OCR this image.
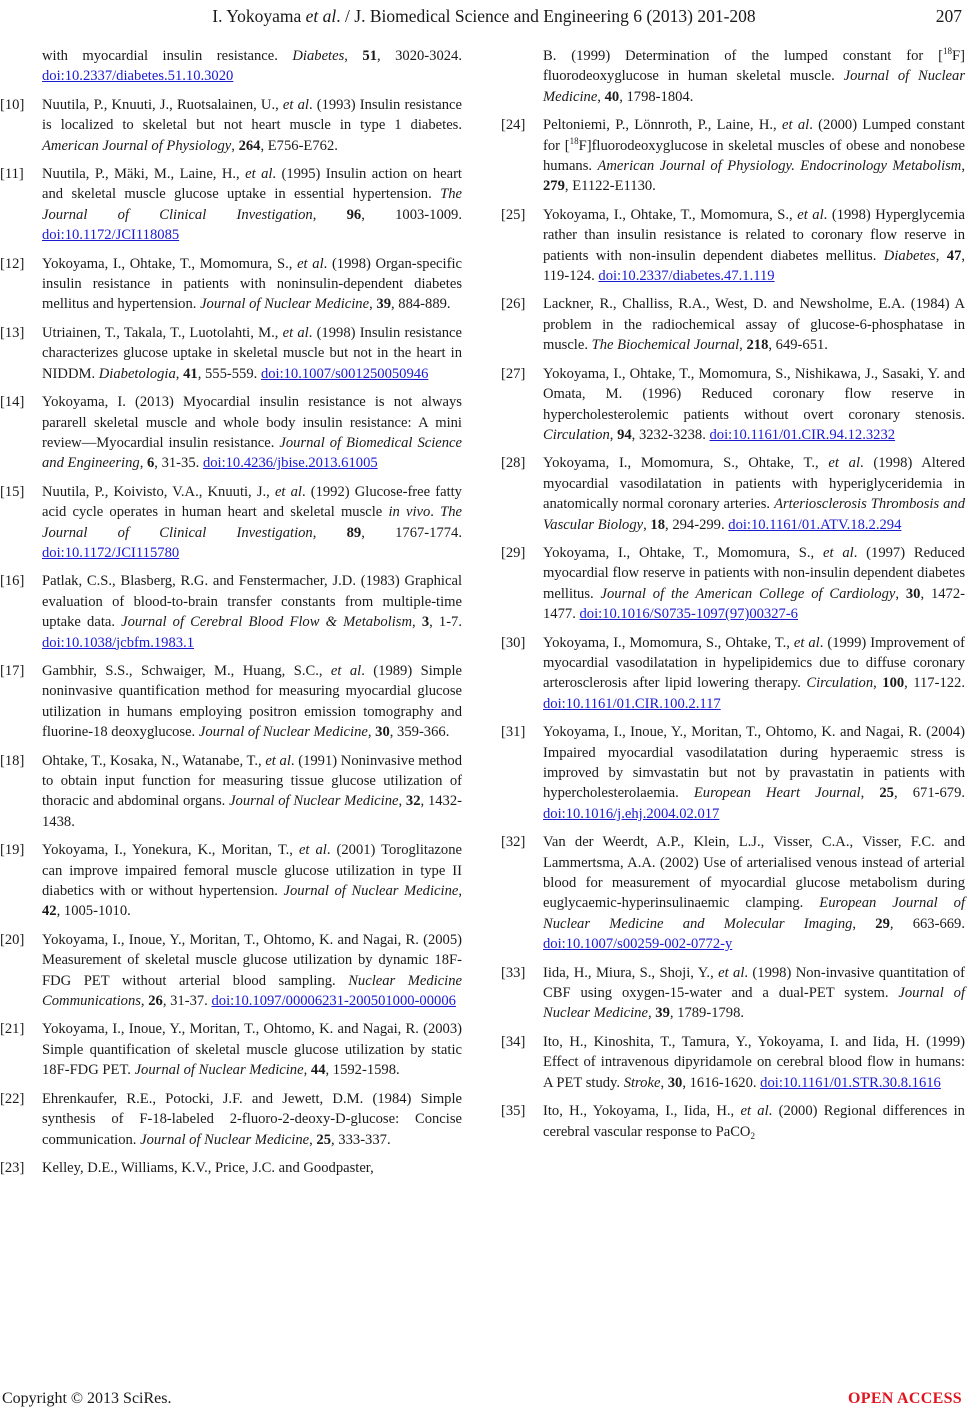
I. Yokoyama et al. / J. Biomedical Science and Engineering 6 (2013) 201-208	207
with myocardial insulin resistance. Diabetes, 51, 3020-3024. doi:10.2337/diabetes.51.10.3020
[10] Nuutila, P., Knuuti, J., Ruotsalainen, U., et al. (1993) Insulin resistance is localized to skeletal but not heart muscle in type 1 diabetes. American Journal of Physiology, 264, E756-E762.
[11] Nuutila, P., Mäki, M., Laine, H., et al. (1995) Insulin action on heart and skeletal muscle glucose uptake in essential hypertension. The Journal of Clinical Investigation, 96, 1003-1009. doi:10.1172/JCI118085
[12] Yokoyama, I., Ohtake, T., Momomura, S., et al. (1998) Organ-specific insulin resistance in patients with noninsulin-dependent diabetes mellitus and hypertension. Journal of Nuclear Medicine, 39, 884-889.
[13] Utriainen, T., Takala, T., Luotolahti, M., et al. (1998) Insulin resistance characterizes glucose uptake in skeletal muscle but not in the heart in NIDDM. Diabetologia, 41, 555-559. doi:10.1007/s001250050946
[14] Yokoyama, I. (2013) Myocardial insulin resistance is not always pararell skeletal muscle and whole body insulin resistance: A mini review—Myocardial insulin resistance. Journal of Biomedical Science and Engineering, 6, 31-35. doi:10.4236/jbise.2013.61005
[15] Nuutila, P., Koivisto, V.A., Knuuti, J., et al. (1992) Glucose-free fatty acid cycle operates in human heart and skeletal muscle in vivo. The Journal of Clinical Investigation, 89, 1767-1774. doi:10.1172/JCI115780
[16] Patlak, C.S., Blasberg, R.G. and Fenstermacher, J.D. (1983) Graphical evaluation of blood-to-brain transfer constants from multiple-time uptake data. Journal of Cerebral Blood Flow & Metabolism, 3, 1-7. doi:10.1038/jcbfm.1983.1
[17] Gambhir, S.S., Schwaiger, M., Huang, S.C., et al. (1989) Simple noninvasive quantification method for measuring myocardial glucose utilization in humans employing positron emission tomography and fluorine-18 deoxyglucose. Journal of Nuclear Medicine, 30, 359-366.
[18] Ohtake, T., Kosaka, N., Watanabe, T., et al. (1991) Noninvasive method to obtain input function for measuring tissue glucose utilization of thoracic and abdominal organs. Journal of Nuclear Medicine, 32, 1432-1438.
[19] Yokoyama, I., Yonekura, K., Moritan, T., et al. (2001) Toroglitazone can improve impaired femoral muscle glucose utilization in type II diabetics with or without hypertension. Journal of Nuclear Medicine, 42, 1005-1010.
[20] Yokoyama, I., Inoue, Y., Moritan, T., Ohtomo, K. and Nagai, R. (2005) Measurement of skeletal muscle glucose utilization by dynamic 18F-FDG PET without arterial blood sampling. Nuclear Medicine Communications, 26, 31-37. doi:10.1097/00006231-200501000-00006
[21] Yokoyama, I., Inoue, Y., Moritan, T., Ohtomo, K. and Nagai, R. (2003) Simple quantification of skeletal muscle glucose utilization by static 18F-FDG PET. Journal of Nuclear Medicine, 44, 1592-1598.
[22] Ehrenkaufer, R.E., Potocki, J.F. and Jewett, D.M. (1984) Simple synthesis of F-18-labeled 2-fluoro-2-deoxy-D-glucose: Concise communication. Journal of Nuclear Medicine, 25, 333-337.
[23] Kelley, D.E., Williams, K.V., Price, J.C. and Goodpaster,
B. (1999) Determination of the lumped constant for [$^{18}$F] fluorodeoxyglucose in human skeletal muscle. Journal of Nuclear Medicine, 40, 1798-1804.
[24] Peltoniemi, P., Lönnroth, P., Laine, H., et al. (2000) Lumped constant for [$^{18}$F]fluorodeoxyglucose in skeletal muscles of obese and nonobese humans. American Journal of Physiology. Endocrinology Metabolism, 279, E1122-E1130.
[25] Yokoyama, I., Ohtake, T., Momomura, S., et al. (1998) Hyperglycemia rather than insulin resistance is related to coronary flow reserve in patients with non-insulin dependent diabetes mellitus. Diabetes, 47, 119-124. doi:10.2337/diabetes.47.1.119
[26] Lackner, R., Challiss, R.A., West, D. and Newsholme, E.A. (1984) A problem in the radiochemical assay of glucose-6-phosphatase in muscle. The Biochemical Journal, 218, 649-651.
[27] Yokoyama, I., Ohtake, T., Momomura, S., Nishikawa, J., Sasaki, Y. and Omata, M. (1996) Reduced coronary flow reserve in hypercholesterolemic patients without overt coronary stenosis. Circulation, 94, 3232-3238. doi:10.1161/01.CIR.94.12.3232
[28] Yokoyama, I., Momomura, S., Ohtake, T., et al. (1998) Altered myocardial vasodilatation in patients with hyperiglyceridemia in anatomically normal coronary arteries. Arteriosclerosis Thrombosis and Vascular Biology, 18, 294-299. doi:10.1161/01.ATV.18.2.294
[29] Yokoyama, I., Ohtake, T., Momomura, S., et al. (1997) Reduced myocardial flow reserve in patients with non-insulin dependent diabetes mellitus. Journal of the American College of Cardiology, 30, 1472-1477. doi:10.1016/S0735-1097(97)00327-6
[30] Yokoyama, I., Momomura, S., Ohtake, T., et al. (1999) Improvement of myocardial vasodilatation in hypelipidemics due to diffuse coronary arterosclerosis after lipid lowering therapy. Circulation, 100, 117-122. doi:10.1161/01.CIR.100.2.117
[31] Yokoyama, I., Inoue, Y., Moritan, T., Ohtomo, K. and Nagai, R. (2004) Impaired myocardial vasodilatation during hyperaemic stress is improved by simvastatin but not by pravastatin in patients with hypercholesterolaemia. European Heart Journal, 25, 671-679. doi:10.1016/j.ehj.2004.02.017
[32] Van der Weerdt, A.P., Klein, L.J., Visser, C.A., Visser, F.C. and Lammertsma, A.A. (2002) Use of arterialised venous instead of arterial blood for measurement of myocardial glucose metabolism during euglycaemic-hyperinsulinaemic clamping. European Journal of Nuclear Medicine and Molecular Imaging, 29, 663-669. doi:10.1007/s00259-002-0772-y
[33] Iida, H., Miura, S., Shoji, Y., et al. (1998) Non-invasive quantitation of CBF using oxygen-15-water and a dual-PET system. Journal of Nuclear Medicine, 39, 1789-1798.
[34] Ito, H., Kinoshita, T., Tamura, Y., Yokoyama, I. and Iida, H. (1999) Effect of intravenous dipyridamole on cerebral blood flow in humans: A PET study. Stroke, 30, 1616-1620. doi:10.1161/01.STR.30.8.1616
[35] Ito, H., Yokoyama, I., Iida, H., et al. (2000) Regional differences in cerebral vascular response to PaCO$_2$
Copyright © 2013 SciRes.	OPEN ACCESS
